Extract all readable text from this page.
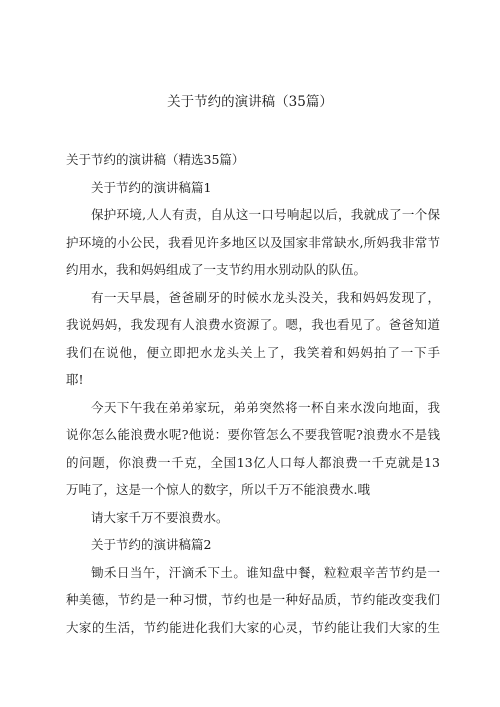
关于节约的演讲稿（35篇）
关于节约的演讲稿（精选35篇）
关于节约的演讲稿篇1
保护环境,人人有责，自从这一口号响起以后，我就成了一个保
护环境的小公民，我看见许多地区以及国家非常缺水,所妈我非常节
约用水，我和妈妈组成了一支节约用水别动队的队伍。
有一天早晨，爸爸刷牙的时候水龙头没关，我和妈妈发现了，
我说妈妈，我发现有人浪费水资源了。嗯，我也看见了。爸爸知道
我们在说他，便立即把水龙头关上了，我笑着和妈妈拍了一下手
耶!
今天下午我在弟弟家玩，弟弟突然将一杯自来水泼向地面，我
说你怎么能浪费水呢?他说：要你管怎么不要我管呢?浪费水不是钱
的问题，你浪费一千克，全国13亿人口每人都浪费一千克就是13
万吨了，这是一个惊人的数字，所以千万不能浪费水.哦
请大家千万不要浪费水。
关于节约的演讲稿篇2
锄禾日当午，汗滴禾下土。谁知盘中餐，粒粒艰辛苦节约是一
种美德，节约是一种习惯，节约也是一种好品质，节约能改变我们
大家的生活，节约能进化我们大家的心灵，节约能让我们大家的生
